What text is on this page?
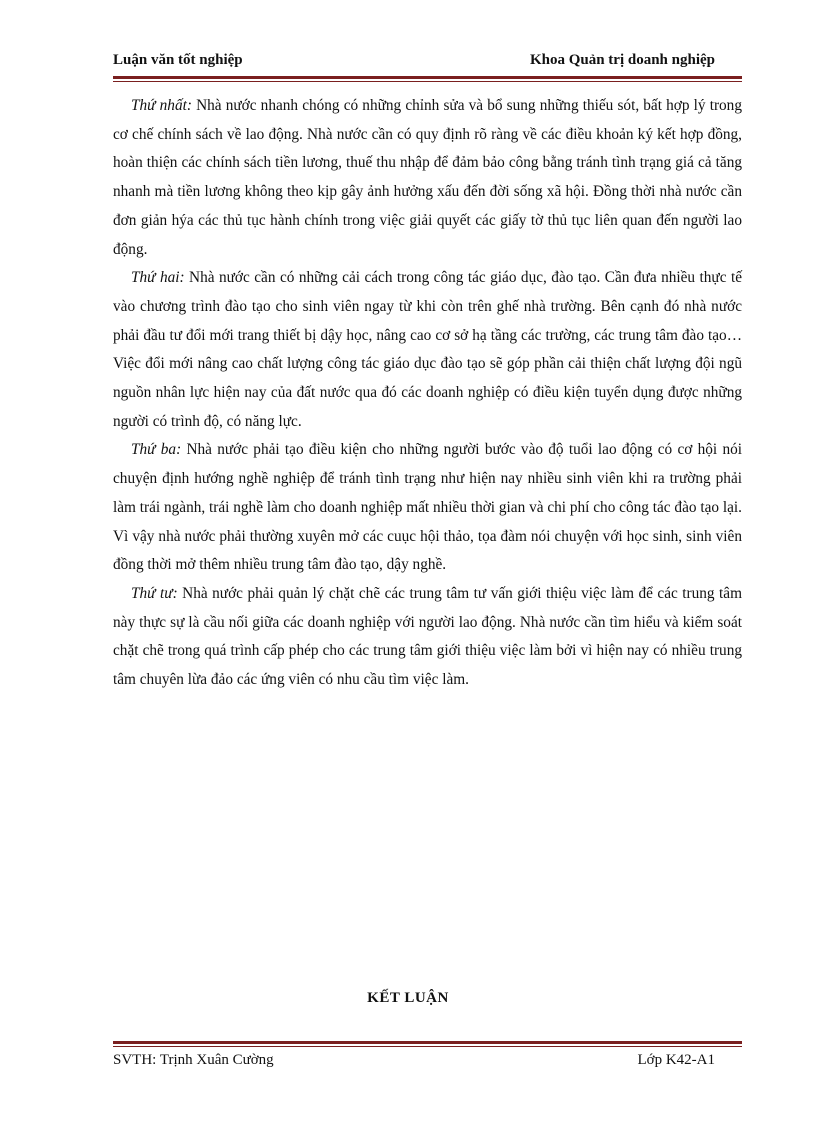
Luận văn tốt nghiệp	Khoa Quản trị doanh nghiệp

Thứ nhất: Nhà nước nhanh chóng có những chỉnh sửa và bổ sung những thiếu sót, bất hợp lý trong cơ chế chính sách về lao động. Nhà nước cần có quy định rõ ràng về các điều khoản ký kết hợp đồng, hoàn thiện các chính sách tiền lương, thuế thu nhập để đảm bảo công bằng tránh tình trạng giá cả tăng nhanh mà tiền lương không theo kịp gây ảnh hưởng xấu đến đời sống xã hội. Đồng thời nhà nước cần đơn giản hýa các thủ tục hành chính trong việc giải quyết các giấy tờ thủ tục liên quan đến người lao động.

Thứ hai: Nhà nước cần có những cải cách trong công tác giáo dục, đào tạo. Cần đưa nhiều thực tế vào chương trình đào tạo cho sinh viên ngay từ khi còn trên ghế nhà trường. Bên cạnh đó nhà nước phải đầu tư đổi mới trang thiết bị dậy học, nâng cao cơ sở hạ tầng các trường, các trung tâm đào tạo…Việc đổi mới nâng cao chất lượng công tác giáo dục đào tạo sẽ góp phần cải thiện chất lượng đội ngũ nguồn nhân lực hiện nay của đất nước qua đó các doanh nghiệp có điều kiện tuyển dụng được những người có trình độ, có năng lực.

Thứ ba: Nhà nước phải tạo điều kiện cho những người bước vào độ tuổi lao động có cơ hội nói chuyện định hướng nghề nghiệp để tránh tình trạng như hiện nay nhiều sinh viên khi ra trường phải làm trái ngành, trái nghề làm cho doanh nghiệp mất nhiều thời gian và chi phí cho công tác đào tạo lại. Vì vậy nhà nước phải thường xuyên mở các cuục hội thảo, tọa đàm nói chuyện với học sinh, sinh viên đồng thời mở thêm nhiều trung tâm đào tạo, dậy nghề.

Thứ tư: Nhà nước phải quản lý chặt chẽ các trung tâm tư vấn giới thiệu việc làm để các trung tâm này thực sự là cầu nối giữa các doanh nghiệp với người lao động. Nhà nước cần tìm hiểu và kiểm soát chặt chẽ trong quá trình cấp phép cho các trung tâm giới thiệu việc làm bởi vì hiện nay có nhiều trung tâm chuyên lừa đảo các ứng viên có nhu cầu tìm việc làm.

KẾT LUẬN
SVTH: Trịnh Xuân Cường	Lớp K42-A1
